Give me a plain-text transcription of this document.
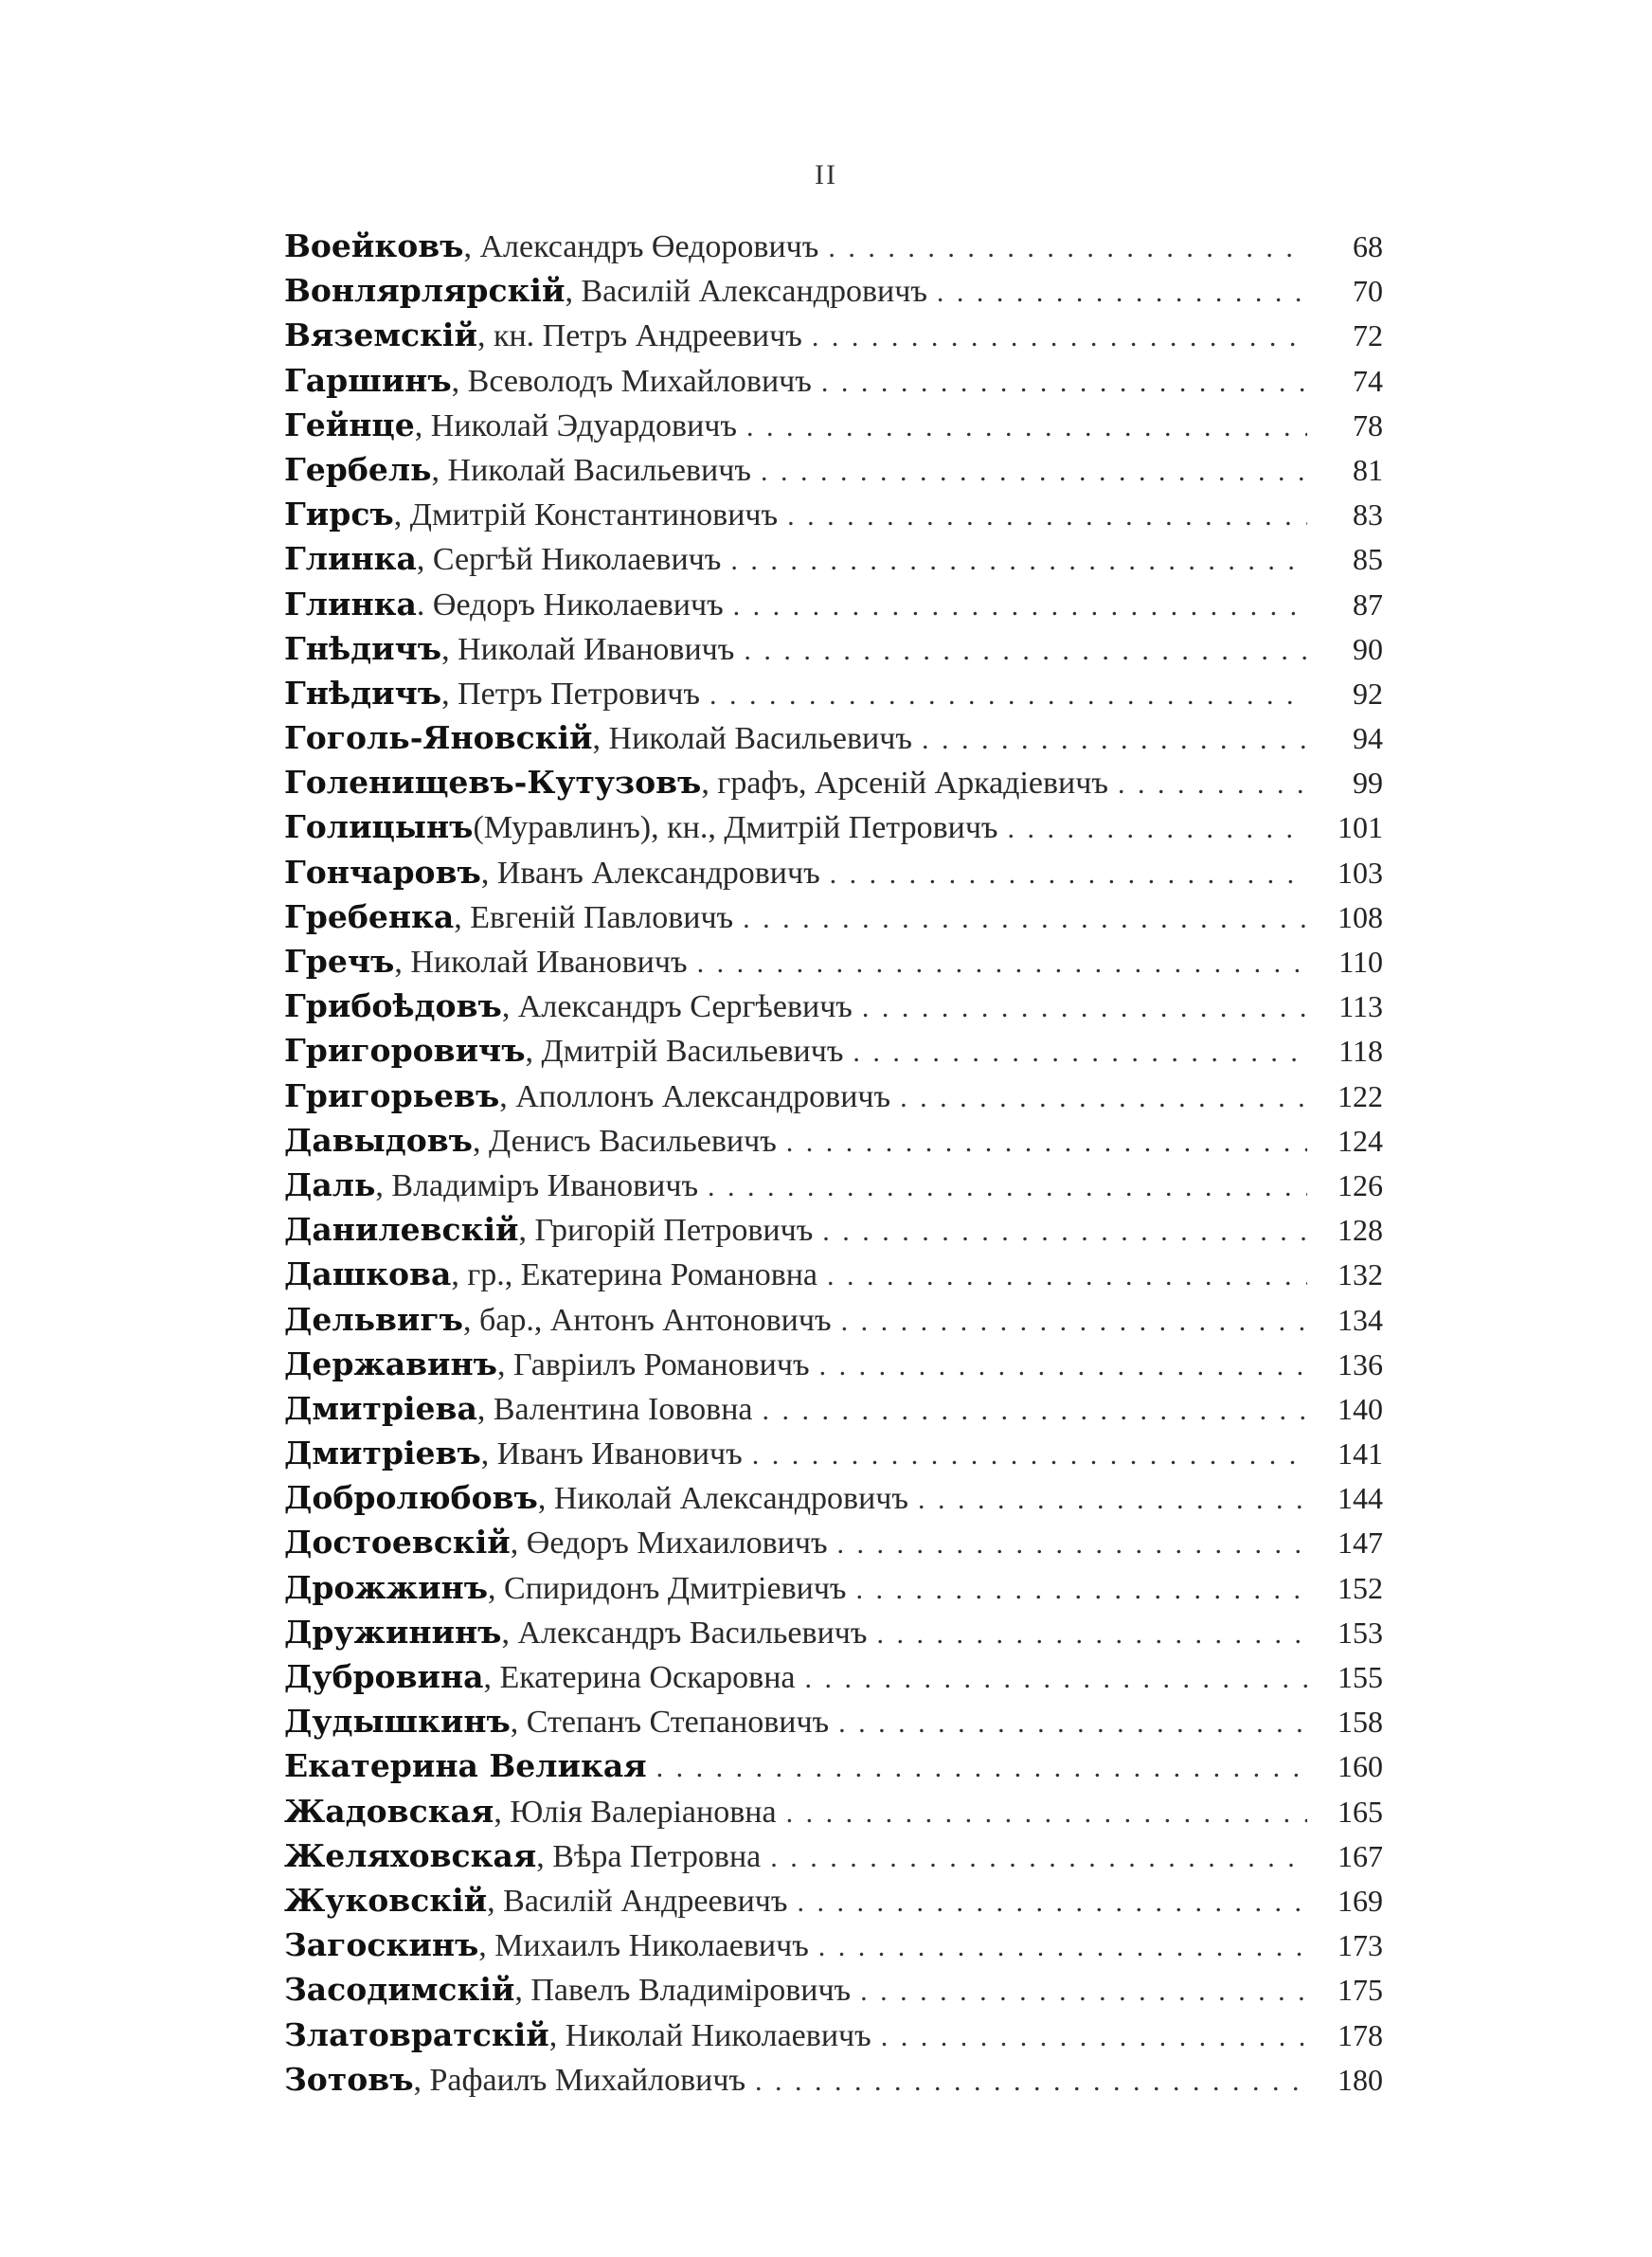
II
Воейковъ , Александръ Өедоровичъ . . .	68
Вонлярлярскій , Василій Александровичъ . . .	70
Вяземскій , кн. Петръ Андреевичъ . . .	72
Гаршинъ , Всеволодъ Михайловичъ . . .	74
Гейнце , Николай Эдуардовичъ . . .	78
Гербель , Николай Васильевичъ . . .	81
Гирсъ , Дмитрій Константиновичъ . . .	83
Глинка , Сергѣй Николаевичъ . . .	85
Глинка . Өедоръ Николаевичъ . . .	87
Гнѣдичъ , Николай Ивановичъ . . .	90
Гнѣдичъ , Петръ Петровичъ . . .	92
Гоголь-Яновскій , Николай Васильевичъ . . .	94
Голенищевъ-Кутузовъ , графъ, Арсеній Аркадіевичъ . . .	99
Голицынъ (Муравлинъ), кн., Дмитрій Петровичъ . . .	101
Гончаровъ , Иванъ Александровичъ . . .	103
Гребенка , Евгеній Павловичъ . . .	108
Гречъ , Николай Ивановичъ . . .	110
Грибоѣдовъ , Александръ Сергѣевичъ . . .	113
Григоровичъ , Дмитрій Васильевичъ . . .	118
Григорьевъ , Аполлонъ Александровичъ . . .	122
Давыдовъ , Денисъ Васильевичъ . . .	124
Даль , Владиміръ Ивановичъ . . .	126
Данилевскій , Григорій Петровичъ . . .	128
Дашкова , гр., Екатерина Романовна . . .	132
Дельвигъ , бар., Антонъ Антоновичъ . . .	134
Державинъ , Гавріилъ Романовичъ . . .	136
Дмитріева , Валентина Іововна . . .	140
Дмитріевъ , Иванъ Ивановичъ . . .	141
Добролюбовъ , Николай Александровичъ . . .	144
Достоевскій , Өедоръ Михаиловичъ . . .	147
Дрожжинъ , Спиридонъ Дмитріевичъ . . .	152
Дружининъ , Александръ Васильевичъ . . .	153
Дубровина , Екатерина Оскаровна . . .	155
Дудышкинъ , Степанъ Степановичъ . . .	158
Екатерина Великая . . .	160
Жадовская , Юлія Валеріановна . . .	165
Желяховская , Вѣра Петровна . . .	167
Жуковскій , Василій Андреевичъ . . .	169
Загоскинъ , Михаилъ Николаевичъ . . .	173
Засодимскій , Павелъ Владиміровичъ . . .	175
Златовратскій , Николай Николаевичъ . . .	178
Зотовъ , Рафаилъ Михайловичъ . . .	180
